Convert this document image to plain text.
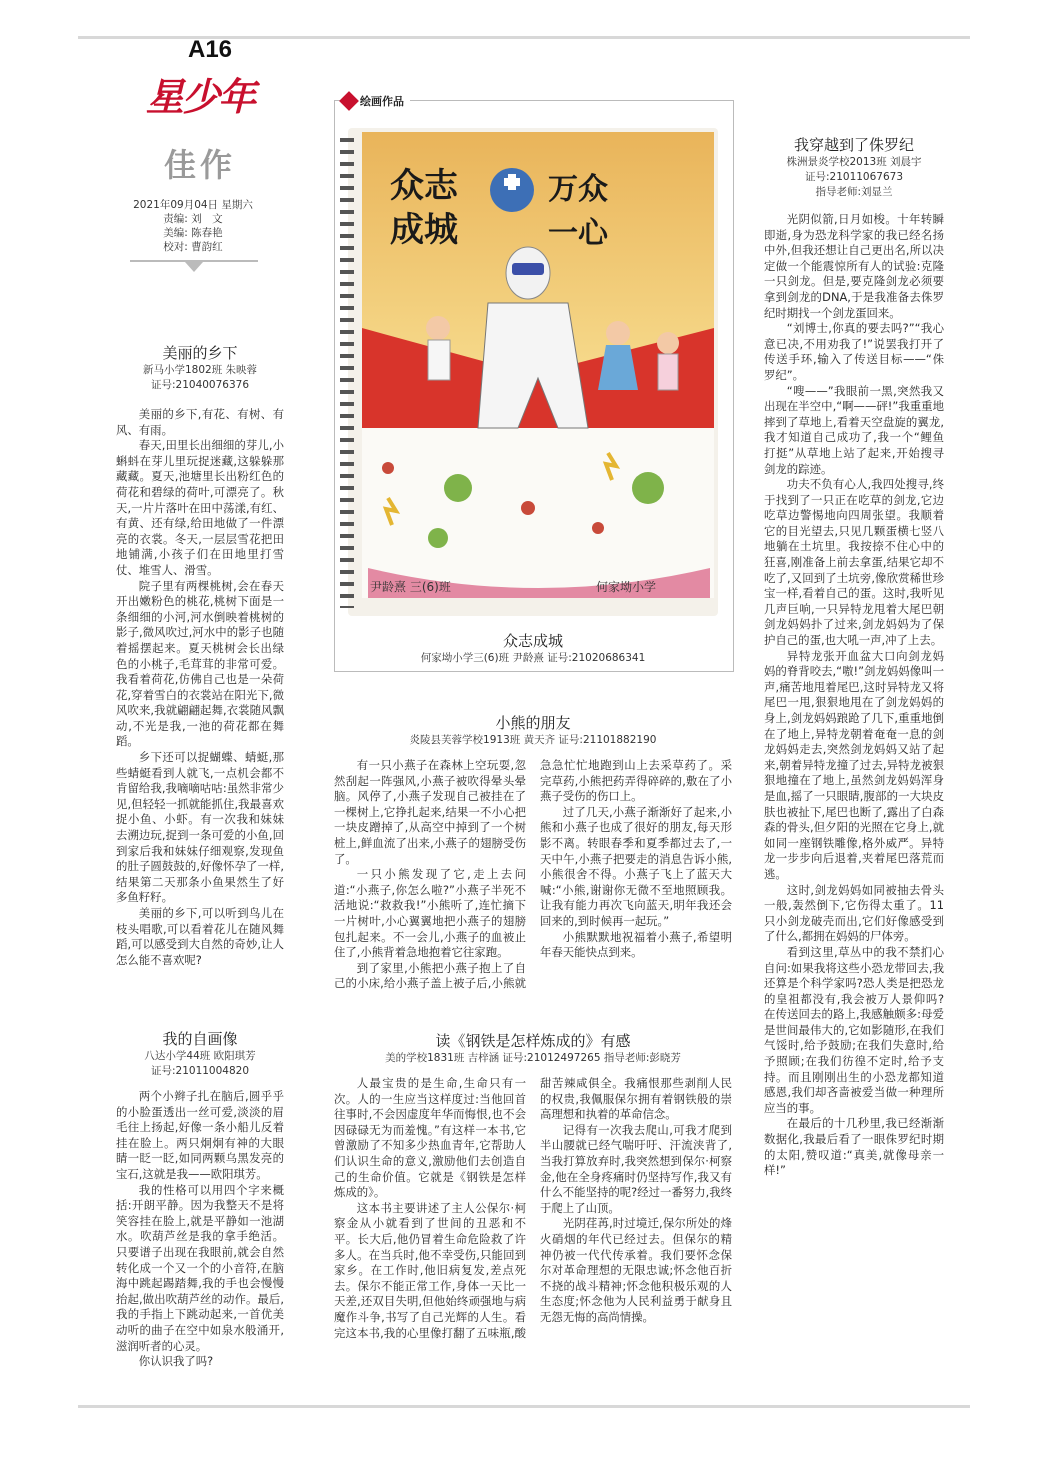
A16
星少年
佳作
2021年09月04日 星期六
责编: 刘　文
美编: 陈春艳
校对: 曹韵红
美丽的乡下
新马小学1802班 朱映蓉
证号:21040076376

美丽的乡下,有花、有树、有风、有雨。

春天,田里长出细细的芽儿,小蝌蚪在芽儿里玩捉迷藏,这躲躲那藏藏。夏天,池塘里长出粉红色的荷花和碧绿的荷叶,可漂亮了。秋天,一片片落叶在田中荡漾,有红、有黄、还有绿,给田地做了一件漂亮的衣裳。冬天,一层层雪花把田地铺满,小孩子们在田地里打雪仗、堆雪人、滑雪。

院子里有两棵桃树,会在春天开出嫩粉色的桃花,桃树下面是一条细细的小河,河水倒映着桃树的影子,微风吹过,河水中的影子也随着摇摆起来。夏天桃树会长出绿色的小桃子,毛茸茸的非常可爱。我看着荷花,仿佛自己也是一朵荷花,穿着雪白的衣裳站在阳光下,微风吹来,我就翩翩起舞,衣裳随风飘动,不光是我,一池的荷花都在舞蹈。

乡下还可以捉蝴蝶、蜻蜓,那些蜻蜓看到人就飞,一点机会都不肯留给我,我嘀嘀咕咕:虽然非常少见,但轻轻一抓就能抓住,我最喜欢捉小鱼、小虾。有一次我和妹妹去溯边玩,捉到一条可爱的小鱼,回到家后我和妹妹仔细观察,发现鱼的肚子圆鼓鼓的,好像怀孕了一样,结果第二天那条小鱼果然生了好多鱼籽籽。

美丽的乡下,可以听到鸟儿在枝头唱歌,可以看着花儿在随风舞蹈,可以感受到大自然的奇妙,让人怎么能不喜欢呢?

我的自画像
八达小学44班 欧阳琪芳
证号:21011004820

两个小辫子扎在脑后,圆乎乎的小脸蛋透出一丝可爱,淡淡的眉毛往上扬起,好像一条小船儿反着挂在脸上。两只炯炯有神的大眼睛一眨一眨,如同两颗乌黑发亮的宝石,这就是我——欧阳琪芳。

我的性格可以用四个字来概括:开朗平静。因为我整天不是将笑容挂在脸上,就是平静如一池湖水。吹葫芦丝是我的拿手绝活。只要谱子出现在我眼前,就会自然转化成一个又一个的小音符,在脑海中跳起踢踏舞,我的手也会慢慢抬起,做出吹葫芦丝的动作。最后,我的手指上下跳动起来,一首优美动听的曲子在空中如泉水般涌开,滋润听者的心灵。

你认识我了吗?

绘画作品
众志
成城
万众
一心
尹龄熹 三(6)班	何家坳小学
众志成城
何家坳小学三(6)班 尹龄熹 证号:21020686341
小熊的朋友
炎陵县芙蓉学校1913班 黄天齐 证号:21101882190

有一只小燕子在森林上空玩耍,忽然刮起一阵强风,小燕子被吹得晕头晕脑。风停了,小燕子发现自己被挂在了一棵树上,它挣扎起来,结果一不小心把一块皮蹭掉了,从高空中掉到了一个树桩上,鲜血流了出来,小燕子的翅膀受伤了。

一只小熊发现了它,走上去问道:“小燕子,你怎么啦?”小燕子半死不活地说:“救救我!”小熊听了,连忙摘下一片树叶,小心翼翼地把小燕子的翅膀包扎起来。不一会儿,小燕子的血被止住了,小熊背着急地抱着它往家跑。

到了家里,小熊把小燕子抱上了自己的小床,给小燕子盖上被子后,小熊就急急忙忙地跑到山上去采草药了。采完草药,小熊把药弄得碎碎的,敷在了小燕子受伤的伤口上。

过了几天,小燕子渐渐好了起来,小熊和小燕子也成了很好的朋友,每天形影不离。转眼春季和夏季都过去了,一天中午,小燕子把要走的消息告诉小熊,小熊很舍不得。小燕子飞上了蓝天大喊:“小熊,谢谢你无微不至地照顾我。让我有能力再次飞向蓝天,明年我还会回来的,到时候再一起玩。”

小熊默默地祝福着小燕子,希望明年春天能快点到来。

读《钢铁是怎样炼成的》有感
美的学校1831班 吉梓涵 证号:21012497265 指导老师:彭晓芳

人最宝贵的是生命,生命只有一次。人的一生应当这样度过:当他回首往事时,不会因虚度年华而悔恨,也不会因碌碌无为而羞愧。”有这样一本书,它曾激励了不知多少热血青年,它帮助人们认识生命的意义,激励他们去创造自己的生命价值。它就是《钢铁是怎样炼成的》。

这本书主要讲述了主人公保尔·柯察金从小就看到了世间的丑恶和不平。长大后,他仍冒着生命危险救了许多人。在当兵时,他不幸受伤,只能回到家乡。在工作时,他旧病复发,差点死去。保尔不能正常工作,身体一天比一天差,还双目失明,但他始终顽强地与病魔作斗争,书写了自己光辉的人生。看完这本书,我的心里像打翻了五味瓶,酸甜苦辣咸俱全。我痛恨那些剥削人民的权贵,我佩服保尔拥有着钢铁般的崇高理想和执着的革命信念。

记得有一次我去爬山,可我才爬到半山腰就已经气喘吁吁、汗流浃背了,当我打算放弃时,我突然想到保尔·柯察金,他在全身疼痛时仍坚持写作,我又有什么不能坚持的呢?经过一番努力,我终于爬上了山顶。

光阴荏苒,时过境迁,保尔所处的烽火硝烟的年代已经过去。但保尔的精神仍被一代代传承着。我们要怀念保尔对革命理想的无限忠诚;怀念他百折不挠的战斗精神;怀念他积极乐观的人生态度;怀念他为人民利益勇于献身且无怨无悔的高尚情操。

我穿越到了侏罗纪
株洲景炎学校2013班 刘晨宇
证号:21011067673
指导老师:刘显兰

光阴似箭,日月如梭。十年转瞬即逝,身为恐龙科学家的我已经名扬中外,但我还想让自己更出名,所以决定做一个能震惊所有人的试验:克隆一只剑龙。但是,要克隆剑龙必须要拿到剑龙的DNA,于是我准备去侏罗纪时期找一个剑龙蛋回来。

“刘博士,你真的要去吗?”“我心意已决,不用劝我了!”说罢我打开了传送手环,输入了传送目标——“侏罗纪”。

“嗖——”我眼前一黑,突然我又出现在半空中,“啊——砰!”我重重地摔到了草地上,看着天空盘旋的翼龙,我才知道自己成功了,我一个“鲤鱼打挺”从草地上站了起来,开始搜寻剑龙的踪迹。

功夫不负有心人,我四处搜寻,终于找到了一只正在吃草的剑龙,它边吃草边警惕地向四周张望。我顺着它的目光望去,只见几颗蛋横七竖八地躺在土坑里。我按捺不住心中的狂喜,刚准备上前去拿蛋,结果它却不吃了,又回到了土坑旁,像欣赏稀世珍宝一样,看着自己的蛋。这时,我听见几声巨响,一只异特龙甩着大尾巴朝剑龙妈妈扑了过来,剑龙妈妈为了保护自己的蛋,也大吼一声,冲了上去。

异特龙张开血盆大口向剑龙妈妈的脊背咬去,“嗷!”剑龙妈妈像叫一声,痛苦地甩着尾巴,这时异特龙又将尾巴一甩,狠狠地甩在了剑龙妈妈的身上,剑龙妈妈踉跄了几下,重重地倒在了地上,异特龙朝着奄奄一息的剑龙妈妈走去,突然剑龙妈妈又站了起来,朝着异特龙撞了过去,异特龙被狠狠地撞在了地上,虽然剑龙妈妈浑身是血,摇了一只眼睛,腹部的一大块皮肤也被扯下,尾巴也断了,露出了白森森的骨头,但夕阳的光照在它身上,就如同一座钢铁雕像,格外威严。异特龙一步步向后退着,夹着尾巴落荒而逃。

这时,剑龙妈妈如同被抽去骨头一般,轰然倒下,它伤得太重了。11只小剑龙破壳而出,它们好像感受到了什么,都拥在妈妈的尸体旁。

看到这里,草丛中的我不禁扪心自问:如果我将这些小恐龙带回去,我还算是个科学家吗?恐人类是把恐龙的皇祖都没有,我会被万人景仰吗?在传送回去的路上,我感触颇多:母爱是世间最伟大的,它如影随形,在我们气馁时,给予鼓励;在我们失意时,给予照顾;在我们彷徨不定时,给予支持。而且刚刚出生的小恐龙都知道感恩,我们却吝啬被爱当做一种理所应当的事。

在最后的十几秒里,我已经渐渐数据化,我最后看了一眼侏罗纪时期的太阳,赞叹道:“真美,就像母亲一样!”
